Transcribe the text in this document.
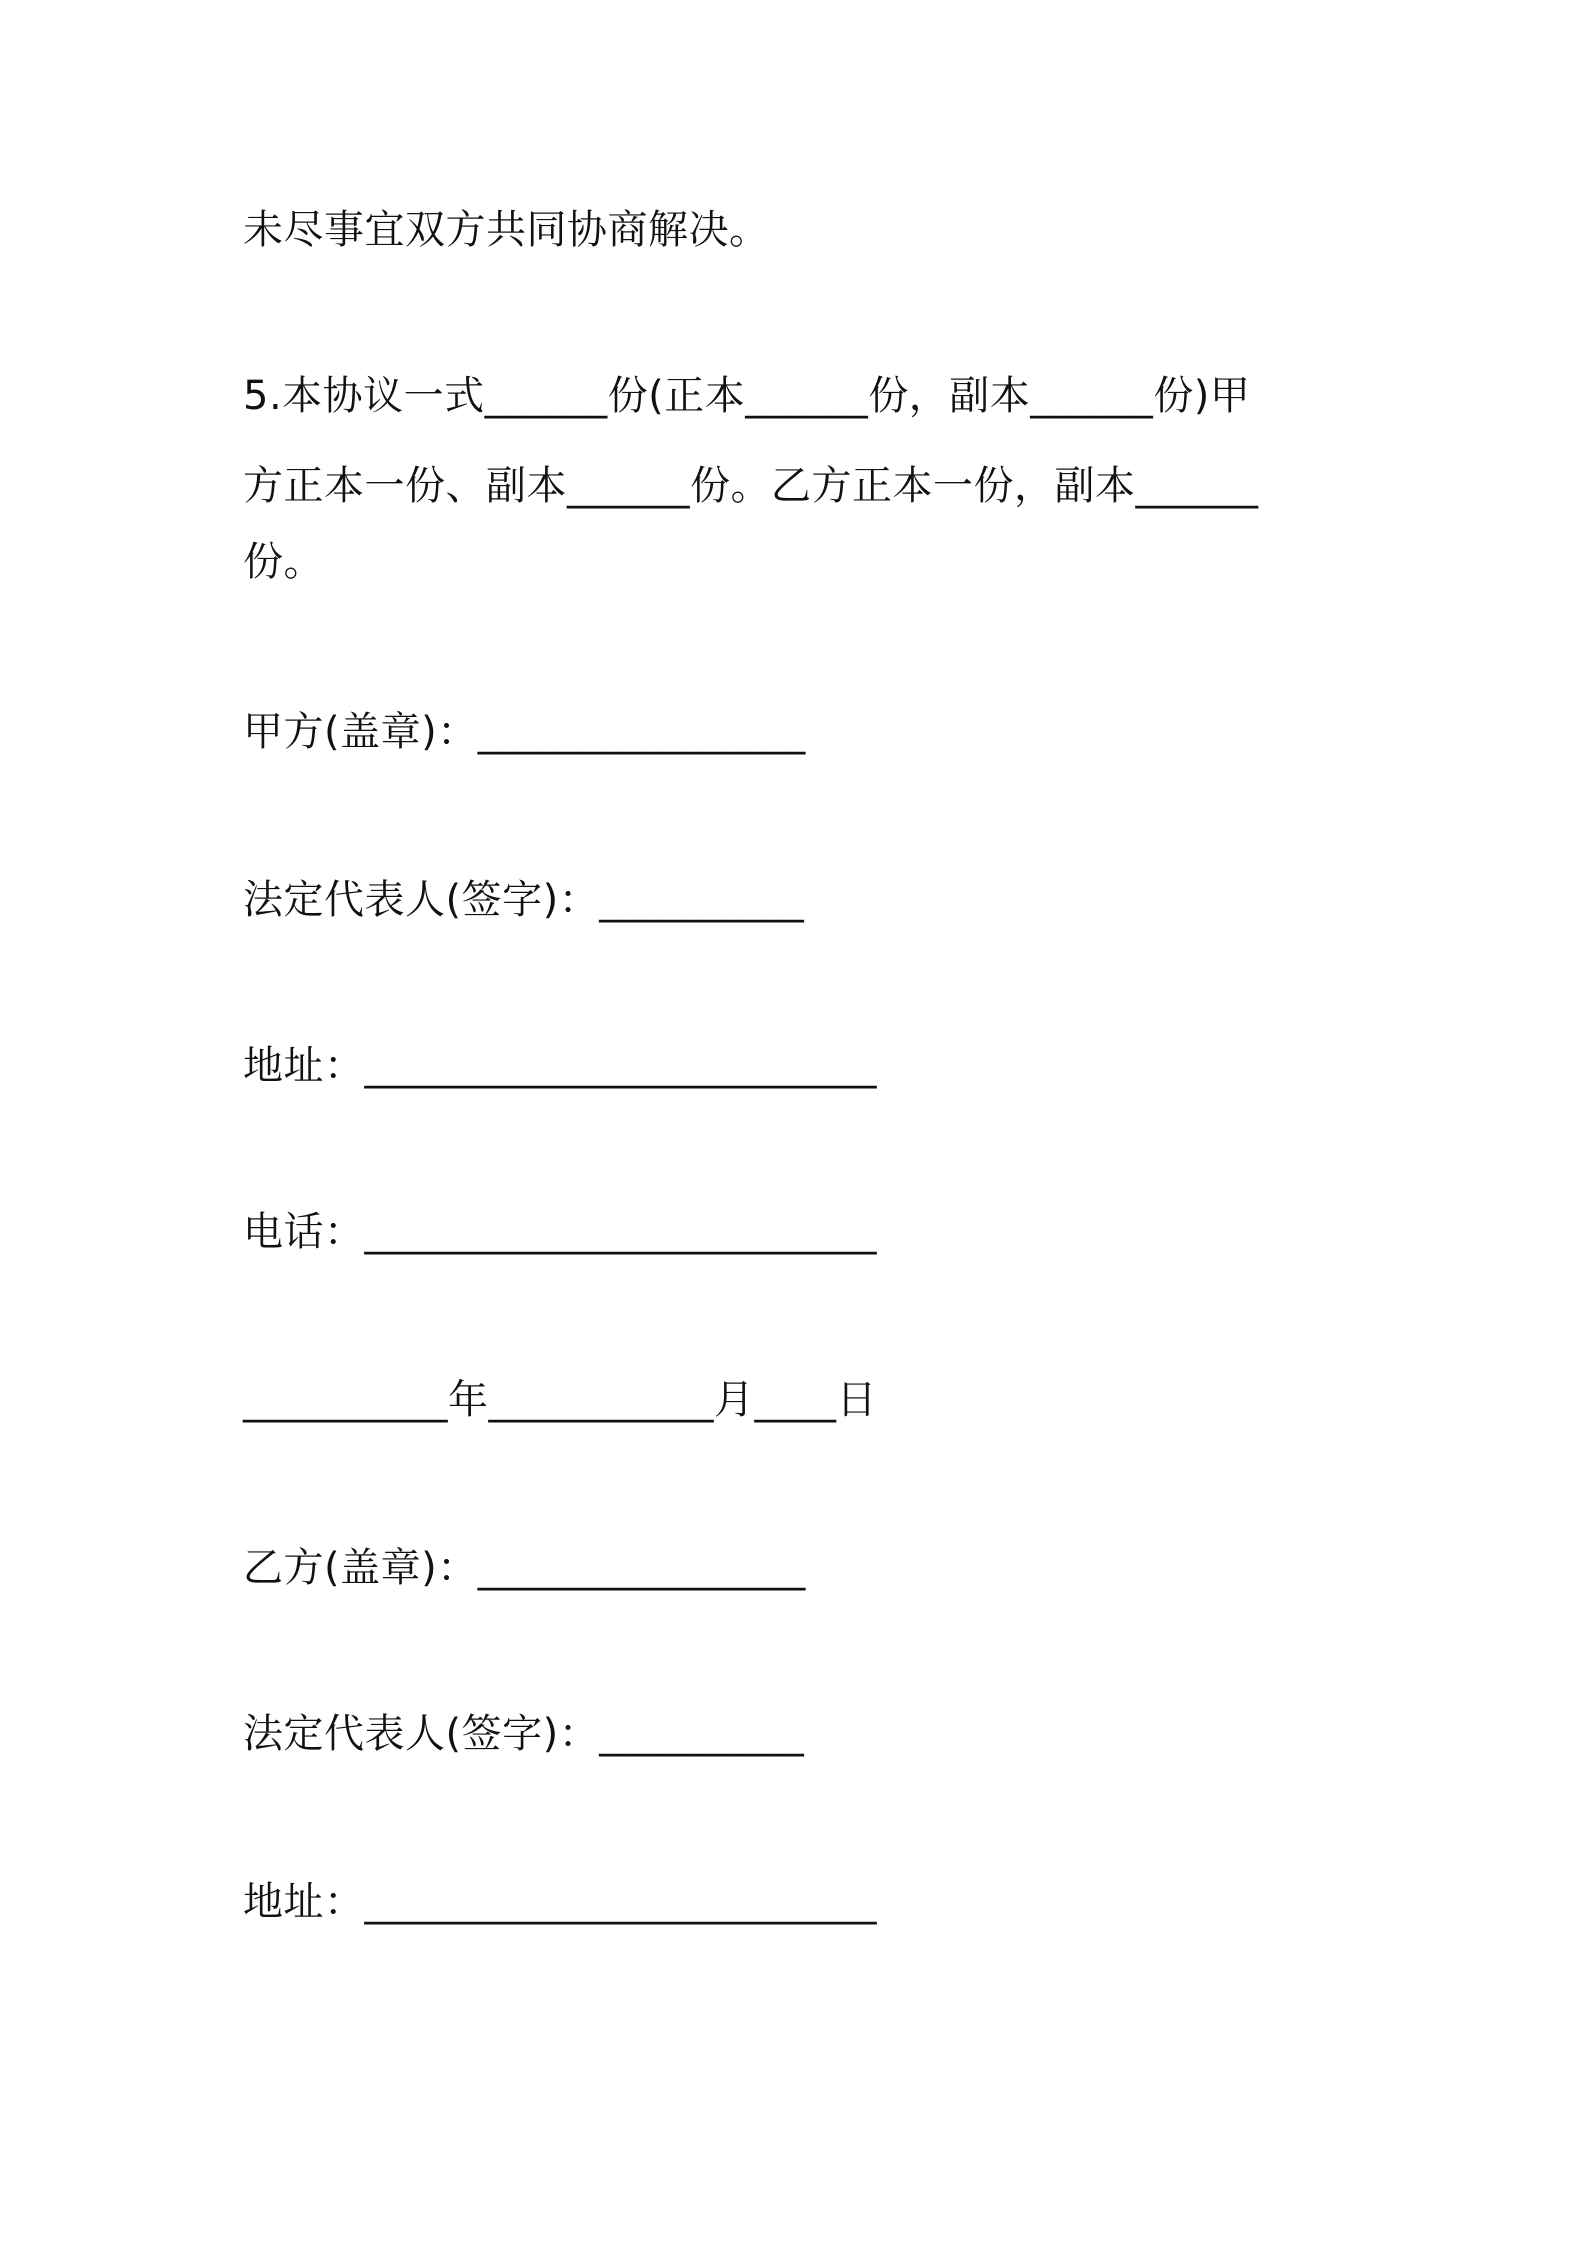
未尽事宜双方共同协商解决。
5.本协议一式______份(正本______份，副本______份)甲
方正本一份、副本______份。乙方正本一份，副本______
份。
甲方(盖章)：________________
法定代表人(签字)：__________
地址：_________________________
电话：_________________________
__________年___________月____日
乙方(盖章)：________________
法定代表人(签字)：__________
地址：_________________________
